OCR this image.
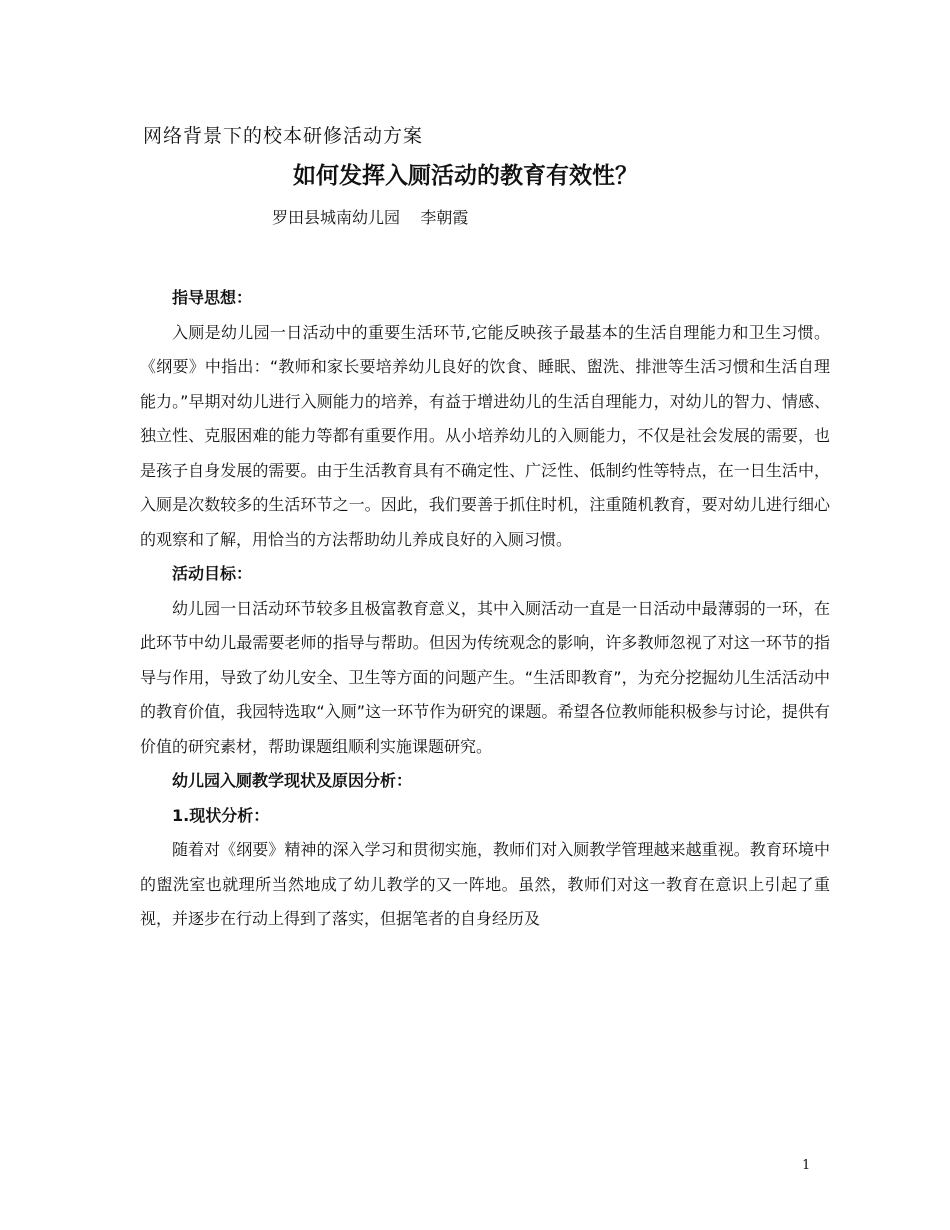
网络背景下的校本研修活动方案
如何发挥入厕活动的教育有效性？
罗田县城南幼儿园    李朝霞
指导思想：

入厕是幼儿园一日活动中的重要生活环节,它能反映孩子最基本的生活自理能力和卫生习惯。《纲要》中指出：“教师和家长要培养幼儿良好的饮食、睡眠、盥洗、排泄等生活习惯和生活自理能力。”早期对幼儿进行入厕能力的培养，有益于增进幼儿的生活自理能力，对幼儿的智力、情感、独立性、克服困难的能力等都有重要作用。从小培养幼儿的入厕能力，不仅是社会发展的需要，也是孩子自身发展的需要。由于生活教育具有不确定性、广泛性、低制约性等特点，在一日生活中，入厕是次数较多的生活环节之一。因此，我们要善于抓住时机，注重随机教育，要对幼儿进行细心的观察和了解，用恰当的方法帮助幼儿养成良好的入厕习惯。

活动目标：

幼儿园一日活动环节较多且极富教育意义，其中入厕活动一直是一日活动中最薄弱的一环，在此环节中幼儿最需要老师的指导与帮助。但因为传统观念的影响，许多教师忽视了对这一环节的指导与作用，导致了幼儿安全、卫生等方面的问题产生。“生活即教育”，为充分挖掘幼儿生活活动中的教育价值，我园特选取“入厕”这一环节作为研究的课题。希望各位教师能积极参与讨论，提供有价值的研究素材，帮助课题组顺利实施课题研究。

幼儿园入厕教学现状及原因分析：
1.现状分析：

随着对《纲要》精神的深入学习和贯彻实施，教师们对入厕教学管理越来越重视。教育环境中的盥洗室也就理所当然地成了幼儿教学的又一阵地。虽然，教师们对这一教育在意识上引起了重视，并逐步在行动上得到了落实，但据笔者的自身经历及

1
